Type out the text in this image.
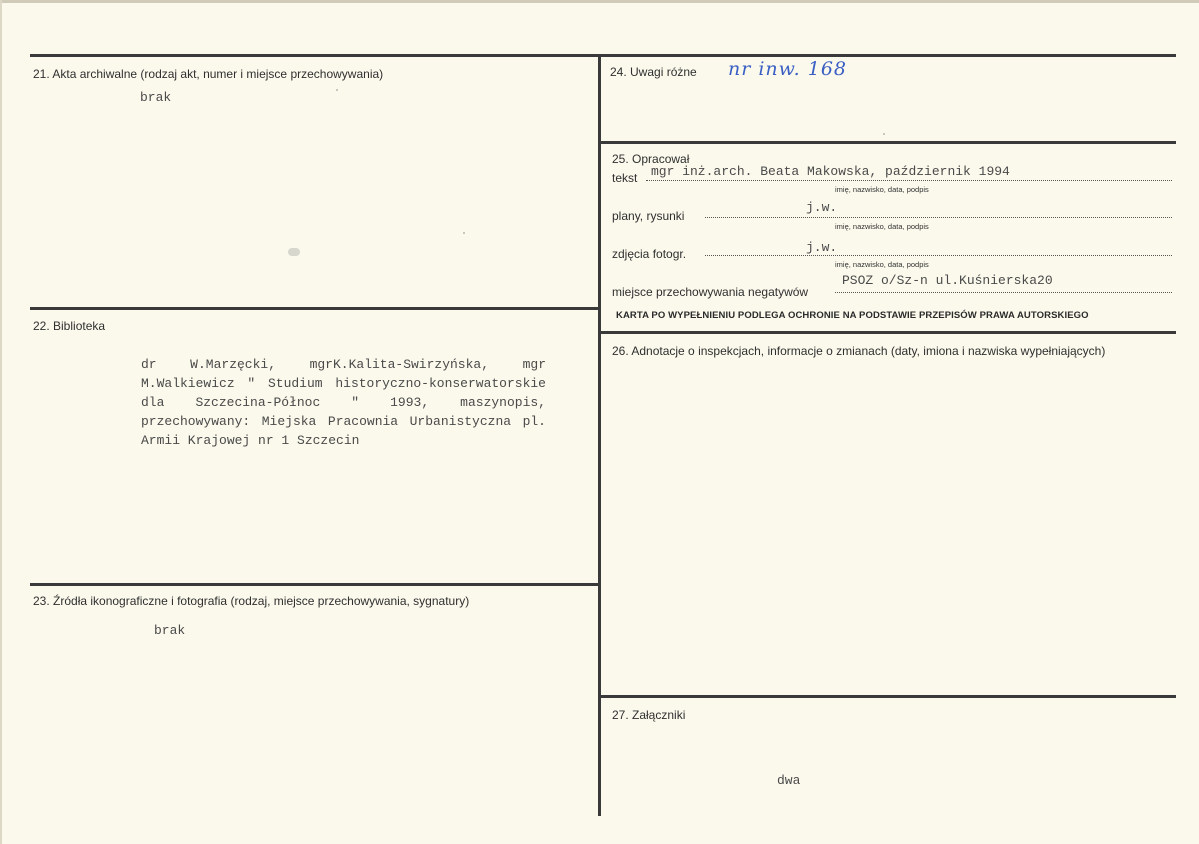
21. Akta archiwalne (rodzaj akt, numer i miejsce przechowywania)
brak
22. Biblioteka
dr W.Marzęcki, mgrK.Kalita-Swirzyńska, mgr M.Walkiewicz " Studium historyczno-konserwatorskie dla Szczecina-Północ " 1993, maszynopis, przechowywany: Miejska Pracownia Urbanistyczna pl. Armii Krajowej nr 1 Szczecin
23. Źródła ikonograficzne i fotografia (rodzaj, miejsce przechowywania, sygnatury)
brak
24. Uwagi różne nr inw. 168
25. Opracował
tekst mgr inż.arch. Beata Makowska, październik 1994
imię, nazwisko, data, podpis
plany, rysunki
j.w.
imię, nazwisko, data, podpis
zdjęcia fotogr.	j.w.
imię, nazwisko, data, podpis
miejsce przechowywania negatywów
PSOZ o/Sz-n ul.Kuśnierska20
KARTA PO WYPEŁNIENIU PODLEGA OCHRONIE NA PODSTAWIE PRZEPISÓW PRAWA AUTORSKIEGO
26. Adnotacje o inspekcjach, informacje o zmianach (daty, imiona i nazwiska wypełniających)
27. Załączniki
dwa
